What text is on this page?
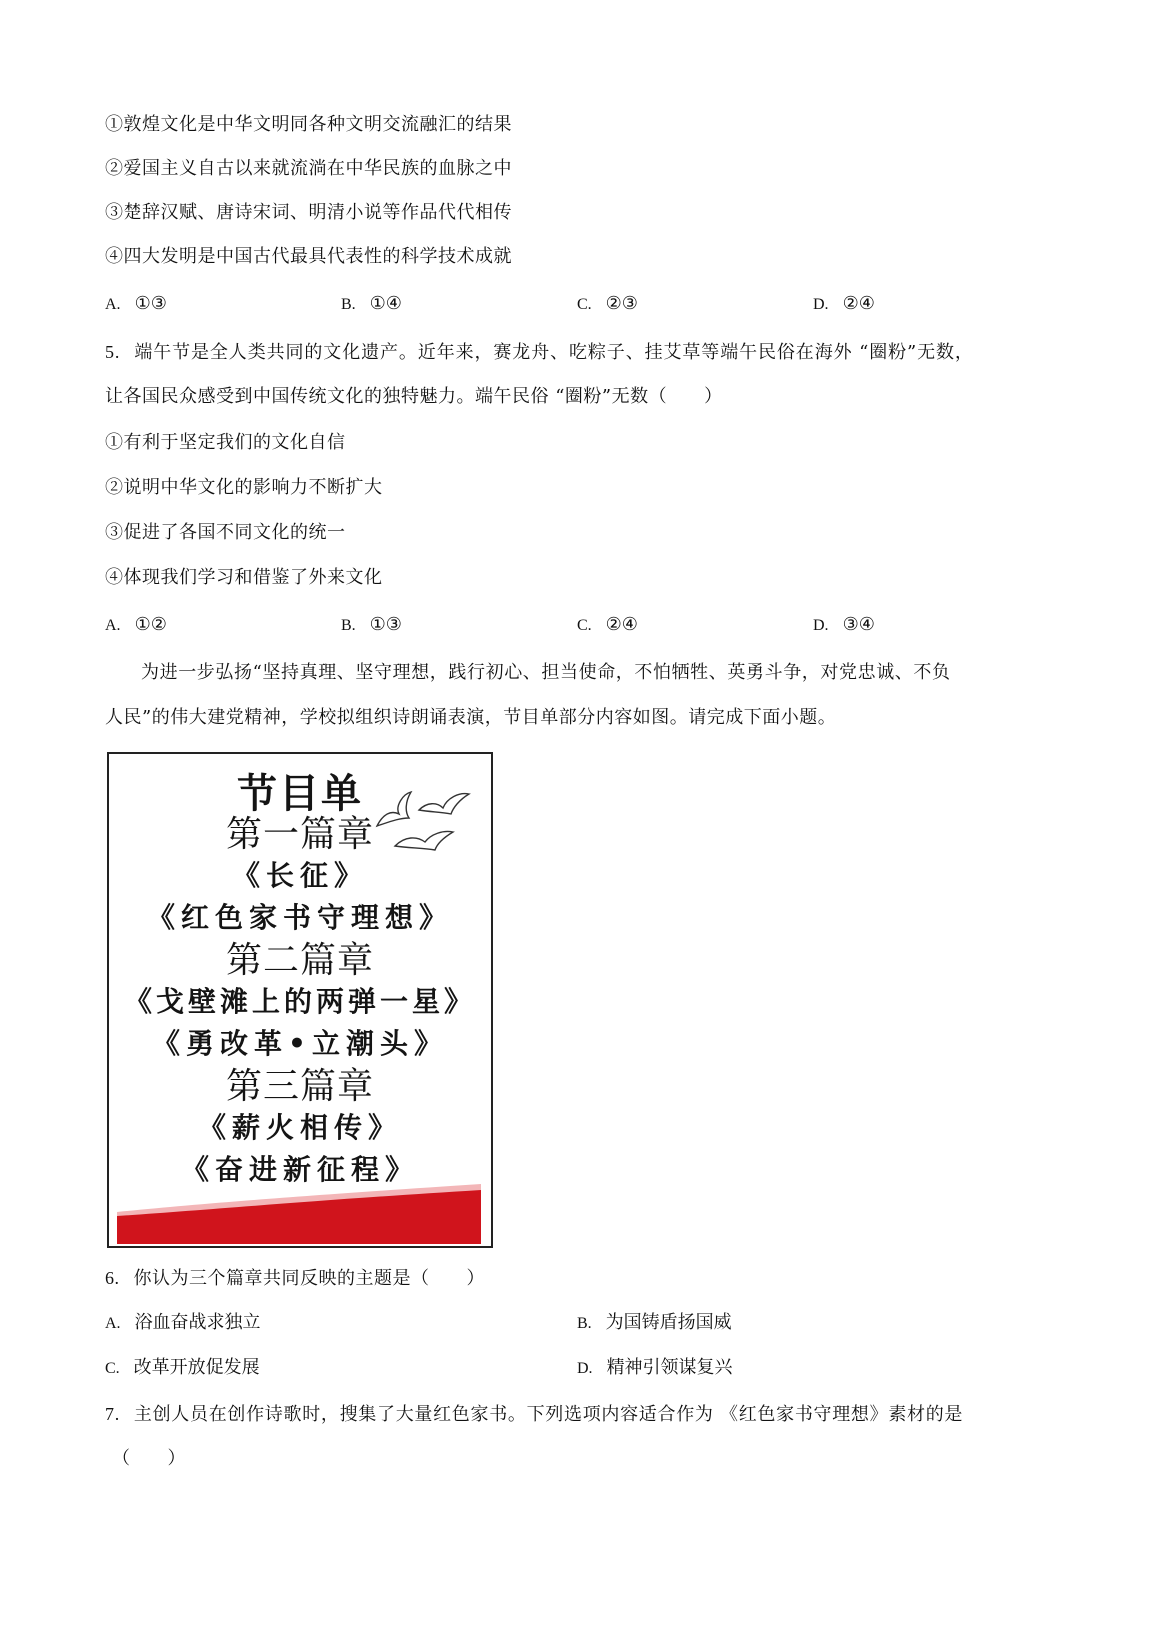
①敦煌文化是中华文明同各种文明交流融汇的结果
②爱国主义自古以来就流淌在中华民族的血脉之中
③楚辞汉赋、唐诗宋词、明清小说等作品代代相传
④四大发明是中国古代最具代表性的科学技术成就
A. ①③	B. ①④	C. ②③	D. ②④
5. 端午节是全人类共同的文化遗产。近年来，赛龙舟、吃粽子、挂艾草等端午民俗在海外 “圈粉”无数，
让各国民众感受到中国传统文化的独特魅力。端午民俗 “圈粉”无数（　　）
①有利于坚定我们的文化自信
②说明中华文化的影响力不断扩大
③促进了各国不同文化的统一
④体现我们学习和借鉴了外来文化
A. ①②	B. ①③	C. ②④	D. ③④
为进一步弘扬“坚持真理、坚守理想，践行初心、担当使命，不怕牺牲、英勇斗争，对党忠诚、不负
人民”的伟大建党精神，学校拟组织诗朗诵表演，节目单部分内容如图。请完成下面小题。
节目单
第一篇章
《长征》
《红色家书守理想》
第二篇章
《戈壁滩上的两弹一星》
《勇改革•立潮头》
第三篇章
《薪火相传》
《奋进新征程》
6. 你认为三个篇章共同反映的主题是（　　）
A. 浴血奋战求独立	B. 为国铸盾扬国威
C. 改革开放促发展	D. 精神引领谋复兴
7. 主创人员在创作诗歌时，搜集了大量红色家书。下列选项内容适合作为 《红色家书守理想》素材的是
（　　）
